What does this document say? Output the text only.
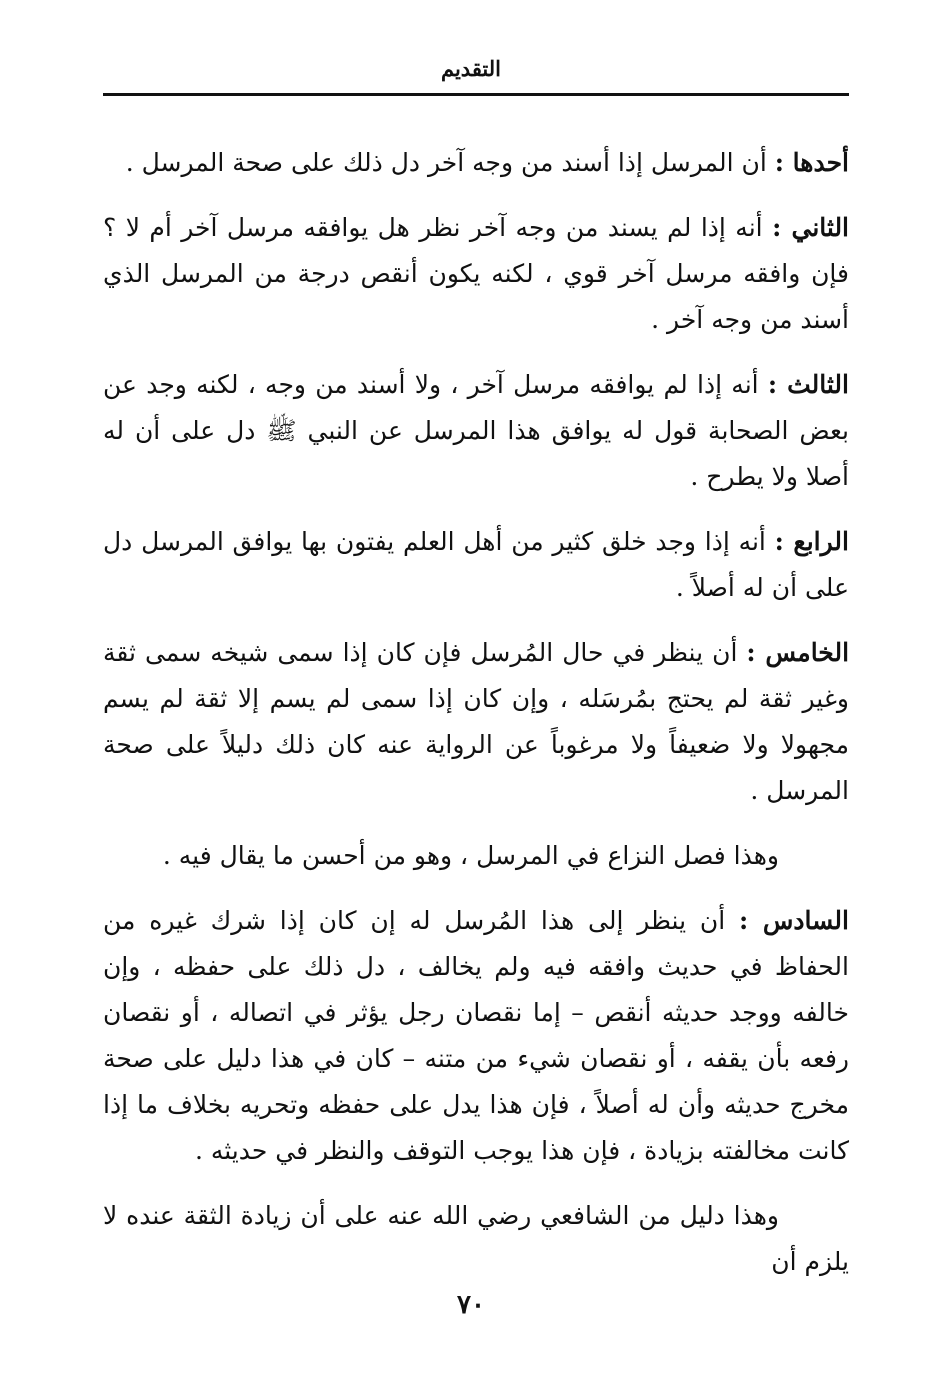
التقديم

أحدها : أن المرسل إذا أسند من وجه آخر دل ذلك على صحة المرسل .

الثاني : أنه إذا لم يسند من وجه آخر نظر هل يوافقه مرسل آخر أم لا ؟ فإن وافقه مرسل آخر قوي ، لكنه يكون أنقص درجة من المرسل الذي أسند من وجه آخر .

الثالث : أنه إذا لم يوافقه مرسل آخر ، ولا أسند من وجه ، لكنه وجد عن بعض الصحابة قول له يوافق هذا المرسل عن النبي ﷺ دل على أن له أصلا ولا يطرح .

الرابع : أنه إذا وجد خلق كثير من أهل العلم يفتون بها يوافق المرسل دل على أن له أصلاً .

الخامس : أن ينظر في حال المُرسل فإن كان إذا سمى شيخه سمى ثقة وغير ثقة لم يحتج بمُرسَله ، وإن كان إذا سمى لم يسم إلا ثقة لم يسم مجهولا ولا ضعيفاً ولا مرغوباً عن الرواية عنه كان ذلك دليلاً على صحة المرسل .

وهذا فصل النزاع في المرسل ، وهو من أحسن ما يقال فيه .

السادس : أن ينظر إلى هذا المُرسل له إن كان إذا شرك غيره من الحفاظ في حديث وافقه فيه ولم يخالف ، دل ذلك على حفظه ، وإن خالفه ووجد حديثه أنقص – إما نقصان رجل يؤثر في اتصاله ، أو نقصان رفعه بأن يقفه ، أو نقصان شيء من متنه – كان في هذا دليل على صحة مخرج حديثه وأن له أصلاً ، فإن هذا يدل على حفظه وتحريه بخلاف ما إذا كانت مخالفته بزيادة ، فإن هذا يوجب التوقف والنظر في حديثه .

وهذا دليل من الشافعي رضي الله عنه على أن زيادة الثقة عنده لا يلزم أن

٧٠
